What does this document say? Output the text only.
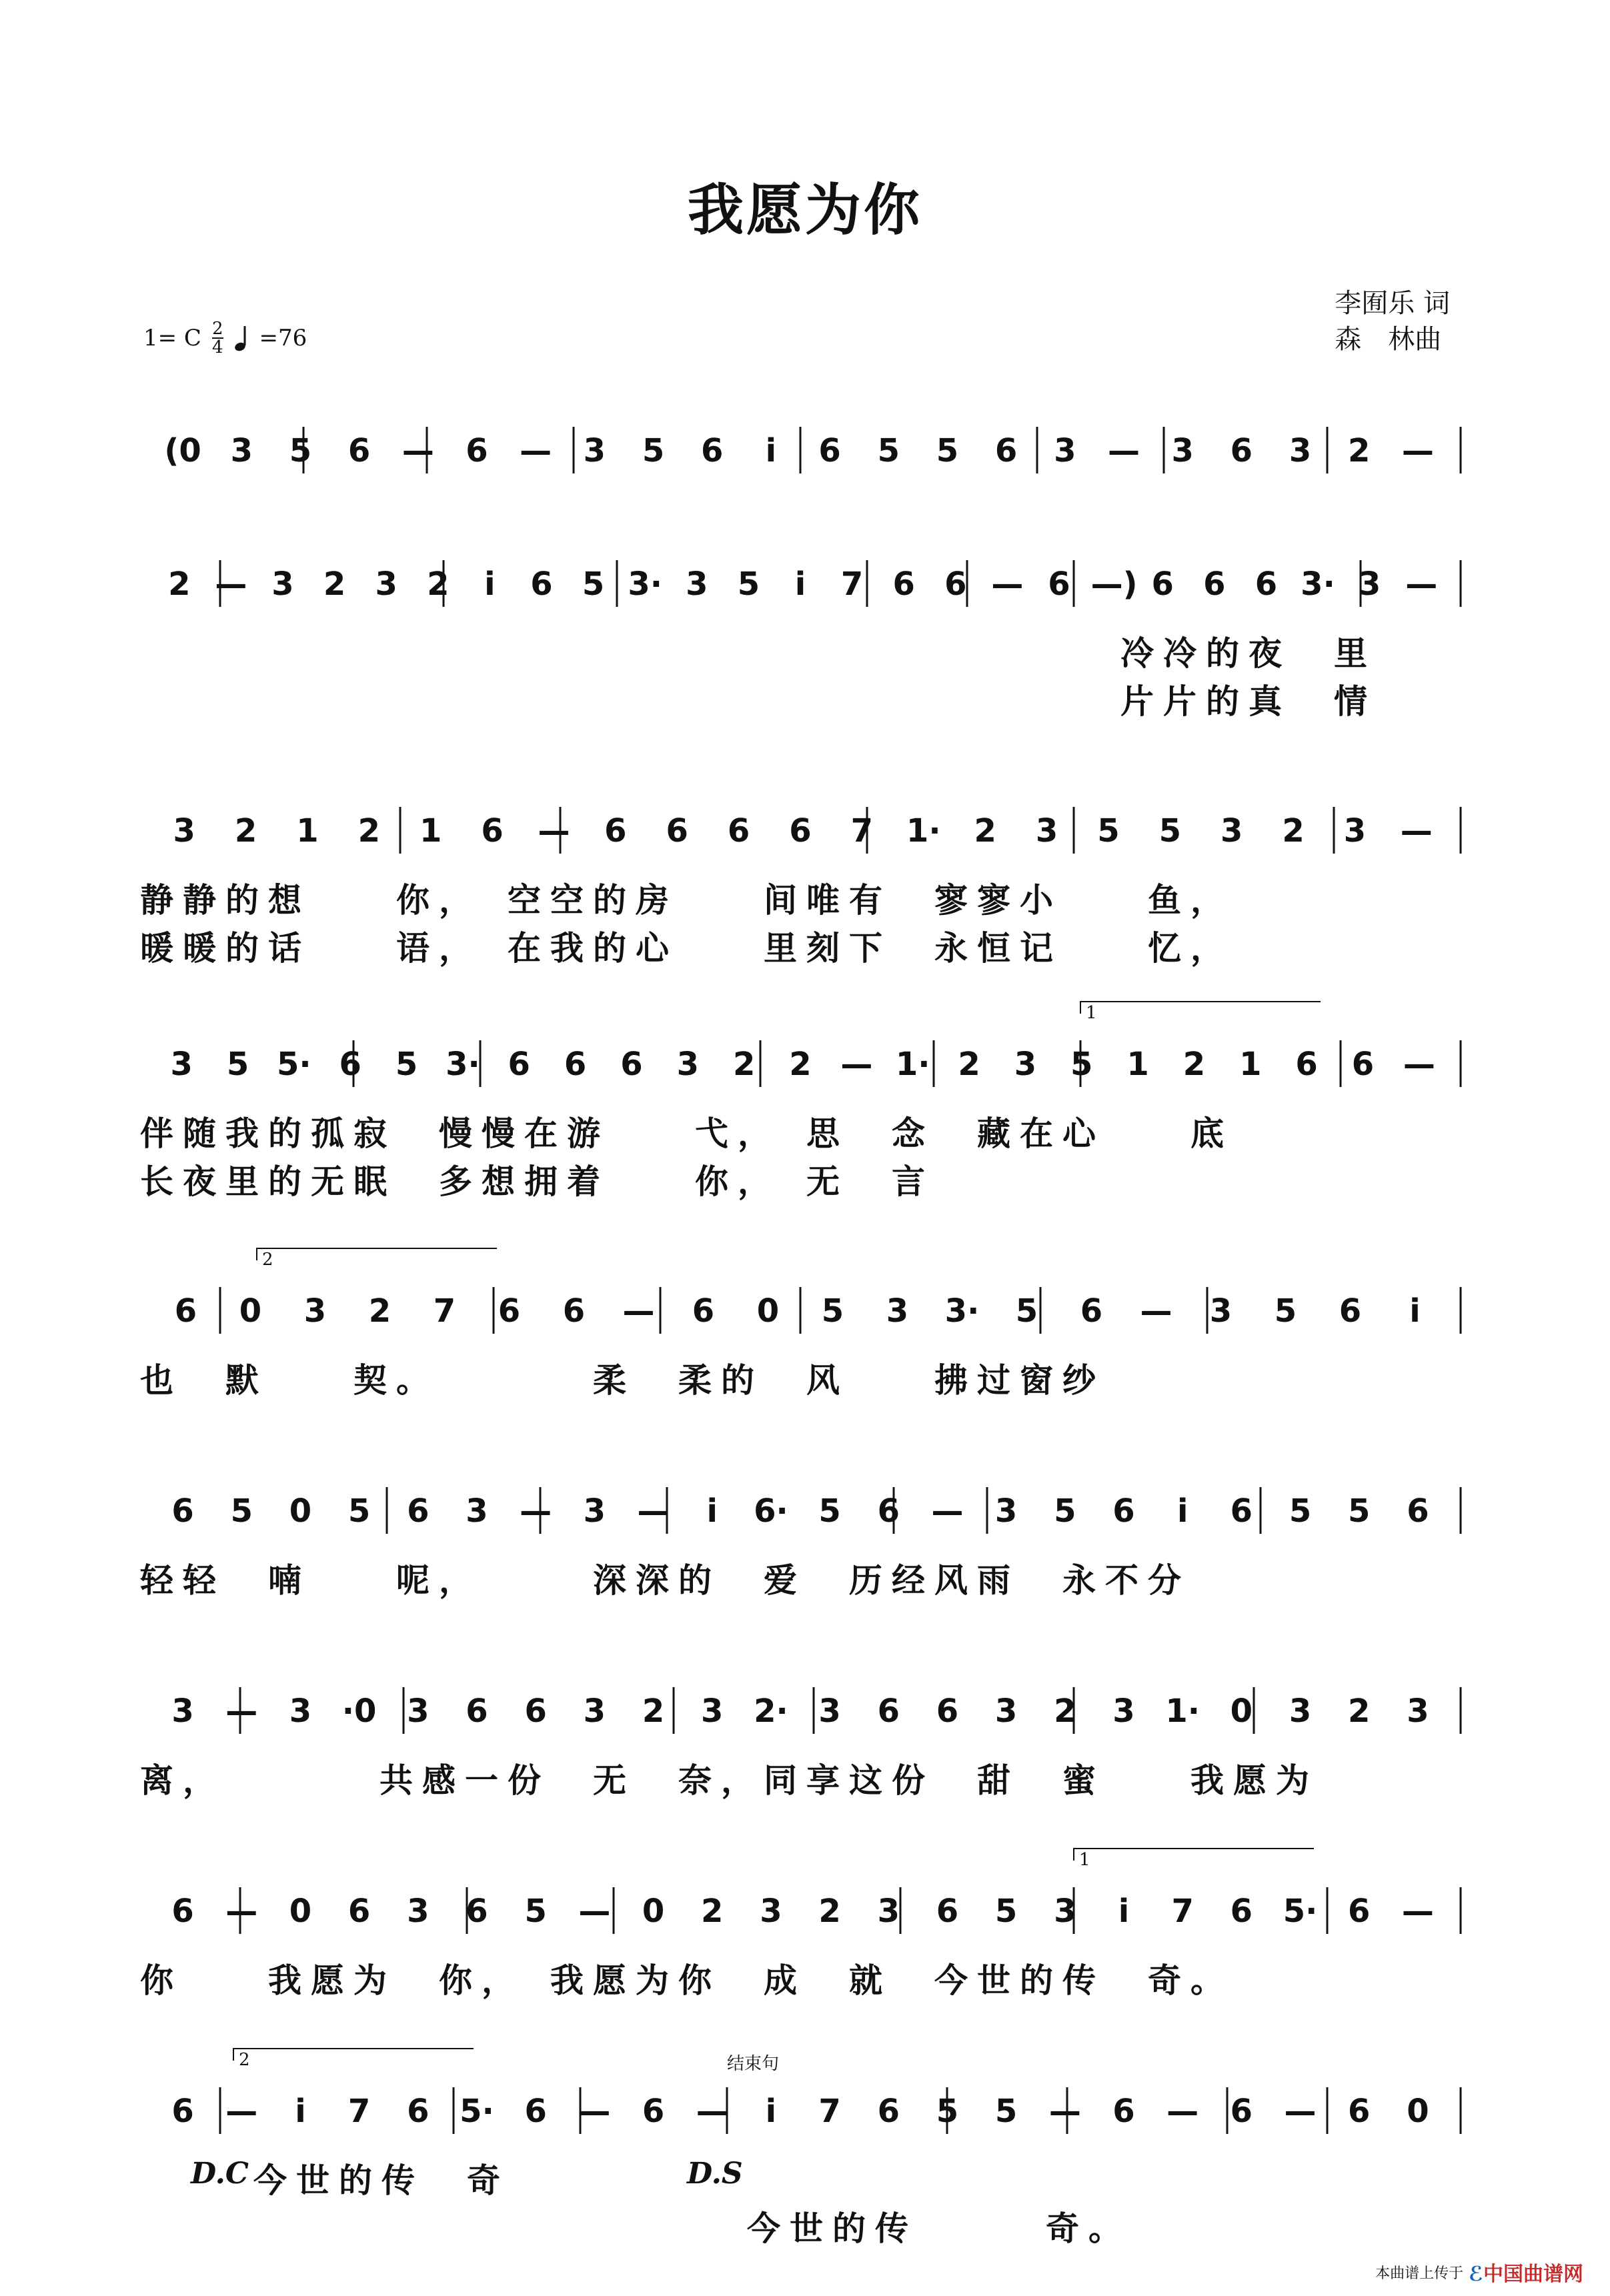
我愿为你
李囿乐 词
森　林曲
1= C 2
4 =76
(0 3 5 6 — 6 — 3 5 6	i	6 5 5 6 3 — 3 6 3 2 —
2 — 3 2 3 2	i	6 5 3· 3 5	i	7 6 6 — 6 —) 6 6 6 3· 3 —
冷冷的夜　里
片片的真　情
3 2 1 2 1 6 — 6 6 6 6 7 1· 2 3 5 5 3 2 3 —
静静的想　　你，　空空的房　　间唯有　寥寥小　　鱼，
暖暖的话　　语，　在我的心　　里刻下　永恒记　　忆，
1
3 5 5· 6 5 3· 6 6 6 3 2 2 — 1· 2 3 5 1 2 1 6 6 —
伴随我的孤寂　慢慢在游　　弋，　思　念　藏在心　　底
长夜里的无眠　多想拥着　　你，　无　言
2
6 0 3 2 7 6 6 — 6 0 5 3 3· 5 6 — 3 5 6	i
也　默　　契。　　　　柔　柔的　风　　拂过窗纱
6 5 0 5 6 3 — 3 —	i	6· 5 6 — 3 5 6	i	6 5 5 6
轻轻　喃　　呢，　　　深深的　爱　历经风雨　永不分
3 — 3 ·0 3 6 6 3 2 3 2· 3 6 6 3 2 3 1· 0 3 2 3
离，　　　　共感一份　无　奈，同享这份　甜　蜜　　我愿为
1
6 — 0 6 3 6 5 — 0 2 3 2 3 6 5 3	i	7 6 5· 6 —
你　　我愿为　你，　我愿为你　成　就　今世的传　奇。
2	结束句
6 —	i	7 6 5· 6 — 6 —	i	7 6 5 5 — 6 — 6 — 6 0
今世的传　奇
今世的传　　　奇。
D.C	D.S
本曲谱上传于 ℰ中国曲谱网
